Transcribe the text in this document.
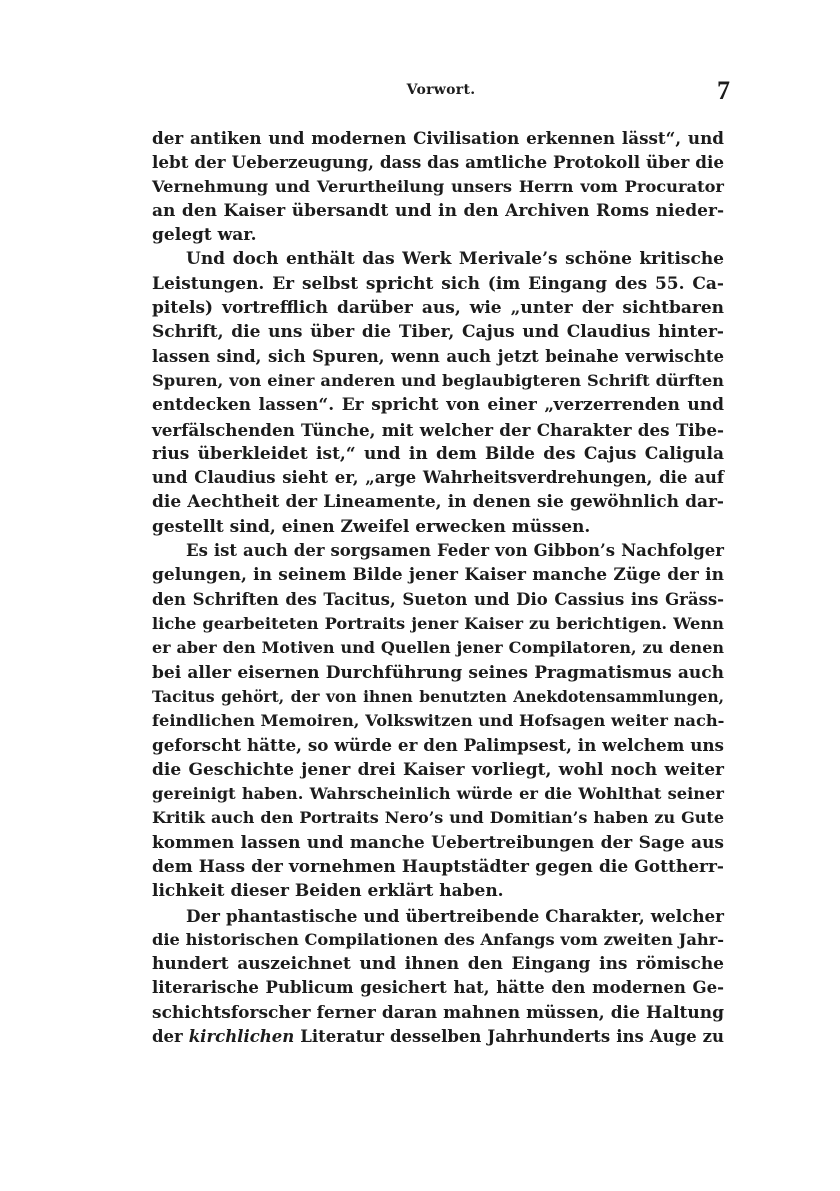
Vorwort.	7
der antiken und modernen Civilisation erkennen lässt“, und
lebt der Ueberzeugung, dass das amtliche Protokoll über die
Vernehmung und Verurtheilung unsers Herrn vom Procurator
an den Kaiser übersandt und in den Archiven Roms nieder-
gelegt war.
Und doch enthält das Werk Merivale’s schöne kritische
Leistungen. Er selbst spricht sich (im Eingang des 55. Ca-
pitels) vortrefflich darüber aus, wie „unter der sichtbaren
Schrift, die uns über die Tiber, Cajus und Claudius hinter-
lassen sind, sich Spuren, wenn auch jetzt beinahe verwischte
Spuren, von einer anderen und beglaubigteren Schrift dürften
entdecken lassen“. Er spricht von einer „verzerrenden und
verfälschenden Tünche, mit welcher der Charakter des Tibe-
rius überkleidet ist,“ und in dem Bilde des Cajus Caligula
und Claudius sieht er, „arge Wahrheitsverdrehungen, die auf
die Aechtheit der Lineamente, in denen sie gewöhnlich dar-
gestellt sind, einen Zweifel erwecken müssen.
Es ist auch der sorgsamen Feder von Gibbon’s Nachfolger
gelungen, in seinem Bilde jener Kaiser manche Züge der in
den Schriften des Tacitus, Sueton und Dio Cassius ins Gräss-
liche gearbeiteten Portraits jener Kaiser zu berichtigen. Wenn
er aber den Motiven und Quellen jener Compilatoren, zu denen
bei aller eisernen Durchführung seines Pragmatismus auch
Tacitus gehört, der von ihnen benutzten Anekdotensammlungen,
feindlichen Memoiren, Volkswitzen und Hofsagen weiter nach-
geforscht hätte, so würde er den Palimpsest, in welchem uns
die Geschichte jener drei Kaiser vorliegt, wohl noch weiter
gereinigt haben. Wahrscheinlich würde er die Wohlthat seiner
Kritik auch den Portraits Nero’s und Domitian’s haben zu Gute
kommen lassen und manche Uebertreibungen der Sage aus
dem Hass der vornehmen Hauptstädter gegen die Gottherr-
lichkeit dieser Beiden erklärt haben.
Der phantastische und übertreibende Charakter, welcher
die historischen Compilationen des Anfangs vom zweiten Jahr-
hundert auszeichnet und ihnen den Eingang ins römische
literarische Publicum gesichert hat, hätte den modernen Ge-
schichtsforscher ferner daran mahnen müssen, die Haltung
der kirchlichen Literatur desselben Jahrhunderts ins Auge zu
